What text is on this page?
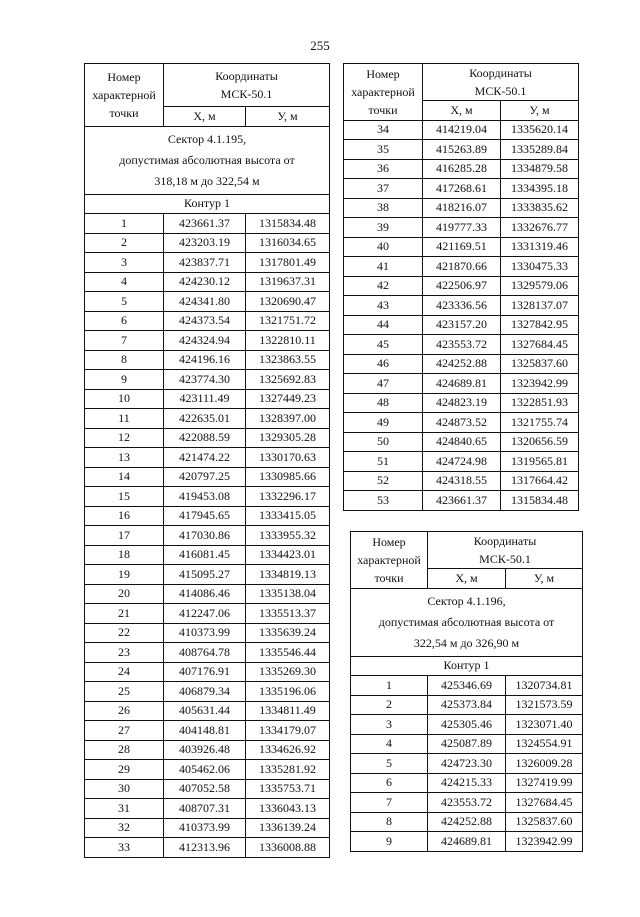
255
Номер
характерной
точки	Координаты
МСК-50.1	
	Х, м	У, м
Сектор 4.1.195,
допустимая абсолютная высота от
318,18 м до 322,54 м		
Контур 1		
1	423661.37	1315834.48
2	423203.19	1316034.65
3	423837.71	1317801.49
4	424230.12	1319637.31
5	424341.80	1320690.47
6	424373.54	1321751.72
7	424324.94	1322810.11
8	424196.16	1323863.55
9	423774.30	1325692.83
10	423111.49	1327449.23
11	422635.01	1328397.00
12	422088.59	1329305.28
13	421474.22	1330170.63
14	420797.25	1330985.66
15	419453.08	1332296.17
16	417945.65	1333415.05
17	417030.86	1333955.32
18	416081.45	1334423.01
19	415095.27	1334819.13
20	414086.46	1335138.04
21	412247.06	1335513.37
22	410373.99	1335639.24
23	408764.78	1335546.44
24	407176.91	1335269.30
25	406879.34	1335196.06
26	405631.44	1334811.49
27	404148.81	1334179.07
28	403926.48	1334626.92
29	405462.06	1335281.92
30	407052.58	1335753.71
31	408707.31	1336043.13
32	410373.99	1336139.24
33	412313.96	1336008.88
Номер
характерной
точки	Координаты
МСК-50.1	
	Х, м	У, м
34	414219.04	1335620.14
35	415263.89	1335289.84
36	416285.28	1334879.58
37	417268.61	1334395.18
38	418216.07	1333835.62
39	419777.33	1332676.77
40	421169.51	1331319.46
41	421870.66	1330475.33
42	422506.97	1329579.06
43	423336.56	1328137.07
44	423157.20	1327842.95
45	423553.72	1327684.45
46	424252.88	1325837.60
47	424689.81	1323942.99
48	424823.19	1322851.93
49	424873.52	1321755.74
50	424840.65	1320656.59
51	424724.98	1319565.81
52	424318.55	1317664.42
53	423661.37	1315834.48
Номер
характерной
точки	Координаты
МСК-50.1	
	Х, м	У, м
Сектор 4.1.196,
допустимая абсолютная высота от
322,54 м до 326,90 м		
Контур 1		
1	425346.69	1320734.81
2	425373.84	1321573.59
3	425305.46	1323071.40
4	425087.89	1324554.91
5	424723.30	1326009.28
6	424215.33	1327419.99
7	423553.72	1327684.45
8	424252.88	1325837.60
9	424689.81	1323942.99
